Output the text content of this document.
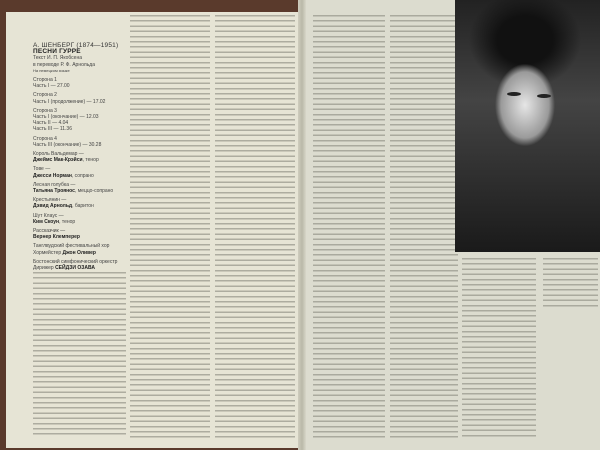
А. ШЕНБЕРГ (1874—1951)
ПЕСНИ ГУРРЕ
Текст И. П. Якобсена
в переводе Р. Ф. Арнольда
На немецком языке
Сторона 1
Часть I — 27.00
Сторона 2
Часть I (продолжение) — 17.02
Сторона 3
Часть I (окончание) — 12.03
Часть II — 4.04
Часть III — 11.36
Сторона 4
Часть III (окончание) — 30.28
Король Вальдемар —
Джеймс Мак-Крэйси, тенор
Тове —
Джесси Норман, сопрано
Лесная голубка —
Татьяна Троянос, меццо-сопрано
Крестьянин —
Дэвид Арнольд, баритон
Шут Клаус —
Ким Скоун, тенор
Рассказчик —
Вернер Клемперер
Танглвудский фестивальный хор
Хормейстер Джон Оливер
Бостонский симфонический оркестр
Дирижер СЕЙДЗИ ОЗАВА
